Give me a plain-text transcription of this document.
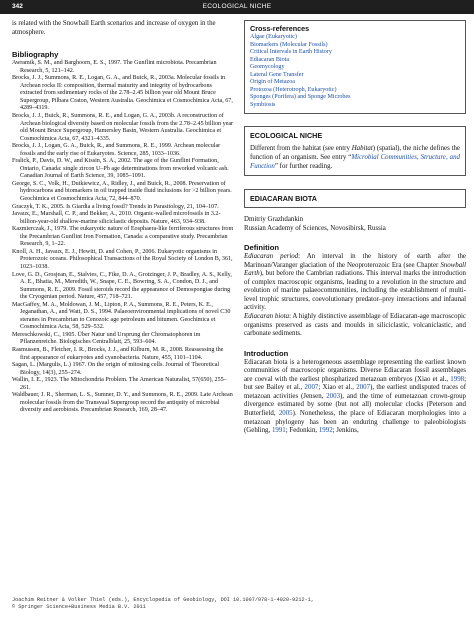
342	ECOLOGICAL NICHE

is related with the Snowball Earth scenarios and increase of oxygen in the atmosphere.

Bibliography

Awramik, S. M., and Barghoorn, E. S., 1997. The Gunflint microbiota. Precambrian Research, 5, 121–142.

Brocks, J. J., Summons, R. E., Logan, G. A., and Buick, R., 2003a. Molecular fossils in Archean rocks II: composition, thermal maturity and integrity of hydrocarbons extracted from sedimentary rocks of the 2.78–2.45 billion year old Mount Bruce Supergroup, Pilbara Craton, Western Australia. Geochimica et Cosmochimica Acta, 67, 4289–4319.

Brocks, J. J., Buick, R., Summons, R. E., and Logan, G. A., 2003b. A reconstruction of Archean biological diversity based on molecular fossils from the 2.78–2.45 billion year old Mount Bruce Supergroup, Hamersley Basin, Western Australia. Geochimica et Cosmochimica Acta, 67, 4321–4335.

Brocks, J. J., Logan, G. A., Buick, R., and Summons, R. E., 1999. Archean molecular fossils and the early rise of Eukaryotes. Science, 285, 1033–1036.

Fralick, P., Davis, D. W., and Kissin, S. A., 2002. The age of the Gunflint Formation, Ontario, Canada: single zircon U–Pb age determinations from reworked volcanic ash. Canadian Journal of Earth Science, 39, 1085–1091.

George, S. C., Volk, H., Dutkiewicz, A., Ridley, J., and Buick, R., 2008. Preservation of hydrocarbons and biomarkers in oil trapped inside fluid inclusions for >2 billion years. Geochimica et Cosmochimica Acta, 72, 844–870.

Graczyk, T. K., 2005. Is Giardia a living fossil? Trends in Parasitology, 21, 104–107.

Javaux, E., Marshall, C. P., and Bekker, A., 2010. Organic-walled microfossils in 3.2-billion-year-old shallow-marine siliciclastic deposits. Nature, 463, 934–938.

Kazmierczak, J., 1979. The eukaryotic nature of Eosphaera-like ferriferous structures from the Precambrian Gunflint Iron Formation, Canada: a comparative study. Precambrian Research, 9, 1–22.

Knoll, A. H., Javaux, E. J., Hewitt, D. and Cohen, P., 2006. Eukaryotic organisms in Proterozoic oceans. Philosophical Transactions of the Royal Society of London B, 361, 1023–1038.

Love, G. D., Grosjean, E., Stalvies, C., Fike, D. A., Grotzinger, J. P., Bradley, A. S., Kelly, A. E., Bhatia, M., Meredith, W., Snape, C. E., Bowring, S. A., Condon, D. J., and Summons, R. E., 2009. Fossil steroids record the appearance of Demospongiae during the Cryogenian period. Nature, 457, 718–721.

MacGaffey, M. A., Moldowan, J. M., Lipton, P. A., Summons, R. E., Peters, K. E., Jeganathan, A., and Watt, D. S., 1994. Palaeoenvironmental implications of novel C30 steranes in Precambrian to Cenozoic age petroleum and bitumen. Geochimica et Cosmochimica Acta, 58, 529–532.

Mereschkowski, C., 1905. Über Natur und Ursprung der Chromatophoren im Pflanzenreiche. Biologisches Centralblatt, 25, 593–604.

Rasmussen, B., Fletcher, I. R., Brocks, J. J., and Kilburn, M. R., 2008. Reassessing the first appearance of eukaryotes and cyanobacteria. Nature, 455, 1101–1104.

Sagan, L. (Margulis, L.) 1967. On the origin of mitosing cells. Journal of Theoretical Biology, 14(3), 255–274.

Wallin, I. E., 1923. The Mitochondria Problem. The American Naturalist, 57(650), 255–261.

Waldbauer, J. R., Sherman, L. S., Sumner, D. Y., and Summons, R. E., 2009. Late Archean molecular fossils from the Transvaal Supergroup record the antiquity of microbial diversity and aerobiosis. Precambrian Research, 169, 28–47.

Cross-references
Algae (Eukaryotic)
Biomarkers (Molecular Fossils)
Critical Intervals in Earth History
Ediacaran Biota
Geomycology
Lateral Gene Transfer
Origin of Metazoa
Protozoa (Heterotroph, Eukaryotic)
Sponges (Porifera) and Sponge Microbes
Symbiosis
ECOLOGICAL NICHE

Different from the habitat (see entry Habitat) (spatial), the niche defines the function of an organism. See entry “Microbial Communities, Structure, and Function” for further reading.

EDIACARAN BIOTA

Dmitriy Grazhdankin

Russian Academy of Sciences, Novosibirsk, Russia

Definition

Ediacaran period: An interval in the history of earth after the Marinoan/Varanger glaciation of the Neoproterozoic Era (see Chapter Snowball Earth), but before the Cambrian radiations. This interval marks the introduction of complex macroscopic organisms, leading to a revolution in the structure and evolution of marine palaeocommunities, including the establishment of multi-level trophic structures, coevolutionary predator–prey interactions and infaunal activity.

Ediacaran biota: A highly distinctive assemblage of Ediacaran-age macroscopic organisms preserved as casts and moulds in siliciclastic, volcaniclastic, and carbonate sediments.

Introduction

Ediacaran biota is a heterogeneous assemblage representing the earliest known communities of macroscopic organisms. Diverse Ediacaran fossil assemblages are coeval with the earliest phosphatized metazoan embryos (Xiao et al., 1998; but see Bailey et al., 2007; Xiao et al., 2007), the earliest undisputed traces of metazoan activities (Jensen, 2003), and the time of eumetazoan crown-group divergence estimated by some (but not all) molecular clocks (Peterson and Butterfield, 2005). Nonetheless, the place of Ediacaran morphologies into a metazoan phylogeny has been an enduring challenge to paleobiologists (Gehling, 1991; Fedonkin, 1992; Jenkins,

Joachim Reitner & Volker Thiel (eds.), Encyclopedia of Geobiology, DOI 10.1007/978-1-4020-9212-1,
© Springer Science+Business Media B.V. 2011
